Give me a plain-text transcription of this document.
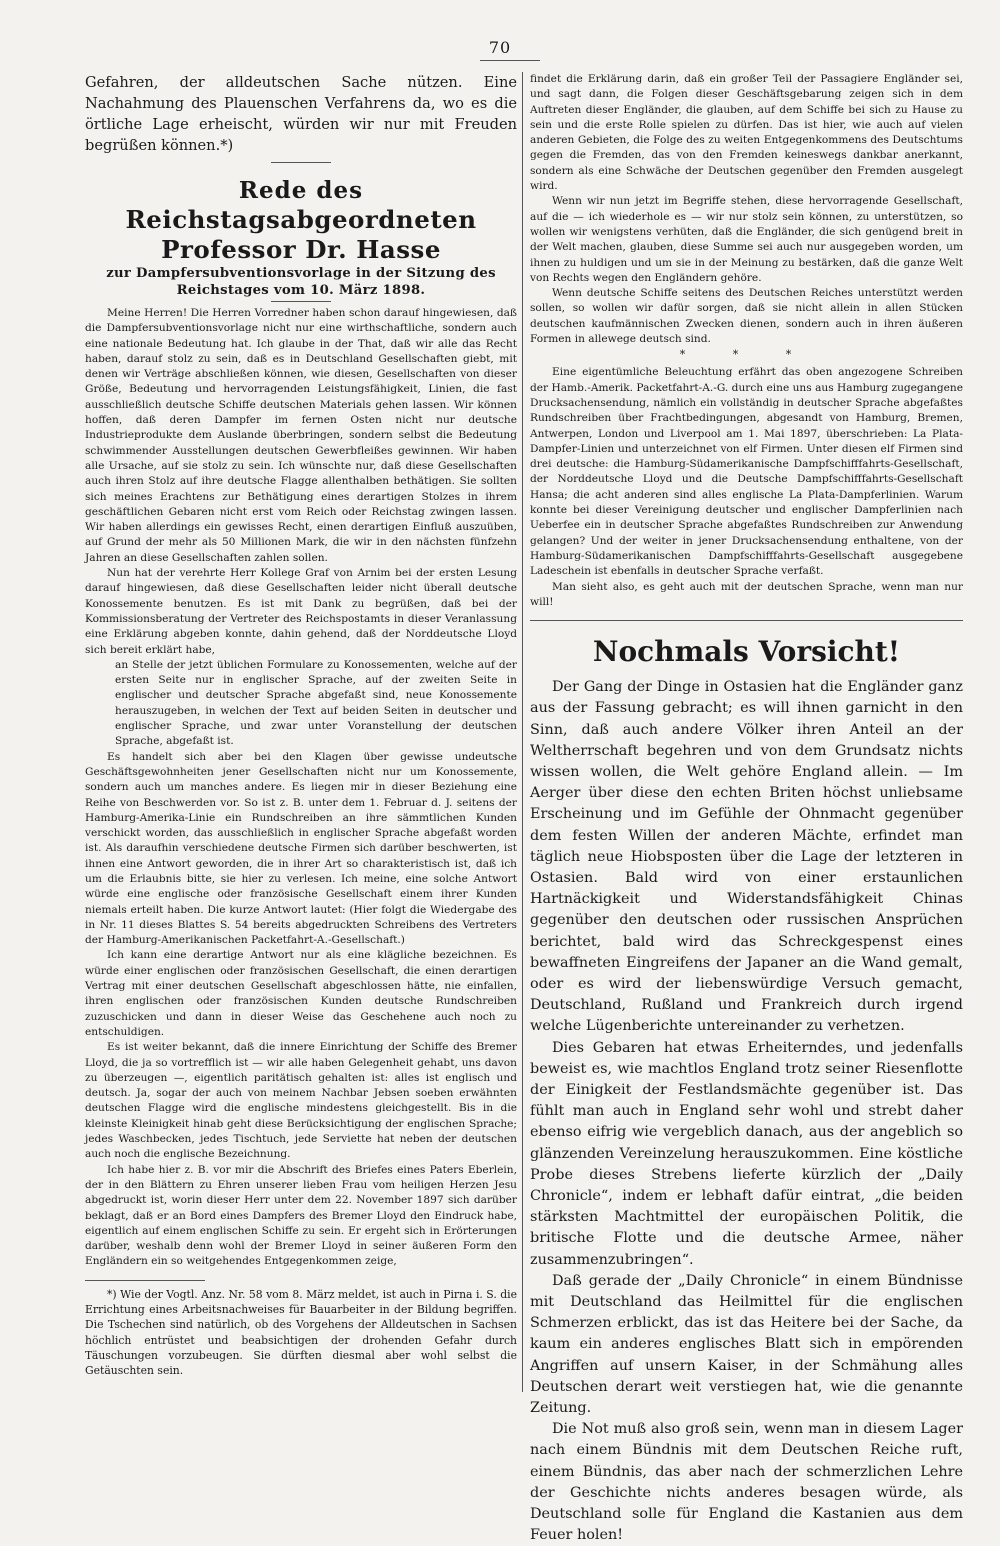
70

Gefahren, der alldeutschen Sache nützen. Eine Nachahmung des Plauenschen Verfahrens da, wo es die örtliche Lage erheischt, würden wir nur mit Freuden begrüßen können.*)

Rede des
Reichstagsabgeordneten Professor Dr. Hasse
zur Dampfersubventionsvorlage in der Sitzung des Reichstages vom 10. März 1898.

Meine Herren! Die Herren Vorredner haben schon darauf hingewiesen, daß die Dampfersubventionsvorlage nicht nur eine wirthschaftliche, sondern auch eine nationale Bedeutung hat. Ich glaube in der That, daß wir alle das Recht haben, darauf stolz zu sein, daß es in Deutschland Gesellschaften giebt, mit denen wir Verträge abschließen können, wie diesen, Gesellschaften von dieser Größe, Bedeutung und hervorragenden Leistungsfähigkeit, Linien, die fast ausschließlich deutsche Schiffe deutschen Materials gehen lassen. Wir können hoffen, daß deren Dampfer im fernen Osten nicht nur deutsche Industrieprodukte dem Auslande überbringen, sondern selbst die Bedeutung schwimmender Ausstellungen deutschen Gewerbfleißes gewinnen. Wir haben alle Ursache, auf sie stolz zu sein. Ich wünschte nur, daß diese Gesellschaften auch ihren Stolz auf ihre deutsche Flagge allenthalben bethätigen. Sie sollten sich meines Erachtens zur Bethätigung eines derartigen Stolzes in ihrem geschäftlichen Gebaren nicht erst vom Reich oder Reichstag zwingen lassen. Wir haben allerdings ein gewisses Recht, einen derartigen Einfluß auszuüben, auf Grund der mehr als 50 Millionen Mark, die wir in den nächsten fünfzehn Jahren an diese Gesellschaften zahlen sollen.

Nun hat der verehrte Herr Kollege Graf von Arnim bei der ersten Lesung darauf hingewiesen, daß diese Gesellschaften leider nicht überall deutsche Konossemente benutzen. Es ist mit Dank zu begrüßen, daß bei der Kommissionsberatung der Vertreter des Reichspostamts in dieser Veranlassung eine Erklärung abgeben konnte, dahin gehend, daß der Norddeutsche Lloyd sich bereit erklärt habe,

an Stelle der jetzt üblichen Formulare zu Konossementen, welche auf der ersten Seite nur in englischer Sprache, auf der zweiten Seite in englischer und deutscher Sprache abgefaßt sind, neue Konossemente herauszugeben, in welchen der Text auf beiden Seiten in deutscher und englischer Sprache, und zwar unter Voranstellung der deutschen Sprache, abgefaßt ist.

Es handelt sich aber bei den Klagen über gewisse undeutsche Geschäftsgewohnheiten jener Gesellschaften nicht nur um Konossemente, sondern auch um manches andere. Es liegen mir in dieser Beziehung eine Reihe von Beschwerden vor. So ist z. B. unter dem 1. Februar d. J. seitens der Hamburg-Amerika-Linie ein Rundschreiben an ihre sämmtlichen Kunden verschickt worden, das ausschließlich in englischer Sprache abgefaßt worden ist. Als daraufhin verschiedene deutsche Firmen sich darüber beschwerten, ist ihnen eine Antwort geworden, die in ihrer Art so charakteristisch ist, daß ich um die Erlaubnis bitte, sie hier zu verlesen. Ich meine, eine solche Antwort würde eine englische oder französische Gesellschaft einem ihrer Kunden niemals erteilt haben. Die kurze Antwort lautet: (Hier folgt die Wiedergabe des in Nr. 11 dieses Blattes S. 54 bereits abgedruckten Schreibens des Vertreters der Hamburg-Amerikanischen Packetfahrt-A.-Gesellschaft.)

Ich kann eine derartige Antwort nur als eine klägliche bezeichnen. Es würde einer englischen oder französischen Gesellschaft, die einen derartigen Vertrag mit einer deutschen Gesellschaft abgeschlossen hätte, nie einfallen, ihren englischen oder französischen Kunden deutsche Rundschreiben zuzuschicken und dann in dieser Weise das Geschehene auch noch zu entschuldigen.

Es ist weiter bekannt, daß die innere Einrichtung der Schiffe des Bremer Lloyd, die ja so vortrefflich ist — wir alle haben Gelegenheit gehabt, uns davon zu überzeugen —, eigentlich paritätisch gehalten ist: alles ist englisch und deutsch. Ja, sogar der auch von meinem Nachbar Jebsen soeben erwähnten deutschen Flagge wird die englische mindestens gleichgestellt. Bis in die kleinste Kleinigkeit hinab geht diese Berücksichtigung der englischen Sprache; jedes Waschbecken, jedes Tischtuch, jede Serviette hat neben der deutschen auch noch die englische Bezeichnung.

Ich habe hier z. B. vor mir die Abschrift des Briefes eines Paters Eberlein, der in den Blättern zu Ehren unserer lieben Frau vom heiligen Herzen Jesu abgedruckt ist, worin dieser Herr unter dem 22. November 1897 sich darüber beklagt, daß er an Bord eines Dampfers des Bremer Lloyd den Eindruck habe, eigentlich auf einem englischen Schiffe zu sein. Er ergeht sich in Erörterungen darüber, weshalb denn wohl der Bremer Lloyd in seiner äußeren Form den Engländern ein so weitgehendes Entgegenkommen zeige,

*) Wie der Vogtl. Anz. Nr. 58 vom 8. März meldet, ist auch in Pirna i. S. die Errichtung eines Arbeitsnachweises für Bauarbeiter in der Bildung begriffen. Die Tschechen sind natürlich, ob des Vorgehens der Alldeutschen in Sachsen höchlich entrüstet und beabsichtigen der drohenden Gefahr durch Täuschungen vorzubeugen. Sie dürften diesmal aber wohl selbst die Getäuschten sein.

findet die Erklärung darin, daß ein großer Teil der Passagiere Engländer sei, und sagt dann, die Folgen dieser Geschäftsgebarung zeigen sich in dem Auftreten dieser Engländer, die glauben, auf dem Schiffe bei sich zu Hause zu sein und die erste Rolle spielen zu dürfen. Das ist hier, wie auch auf vielen anderen Gebieten, die Folge des zu weiten Entgegenkommens des Deutschtums gegen die Fremden, das von den Fremden keineswegs dankbar anerkannt, sondern als eine Schwäche der Deutschen gegenüber den Fremden ausgelegt wird.

Wenn wir nun jetzt im Begriffe stehen, diese hervorragende Gesellschaft, auf die — ich wiederhole es — wir nur stolz sein können, zu unterstützen, so wollen wir wenigstens verhüten, daß die Engländer, die sich genügend breit in der Welt machen, glauben, diese Summe sei auch nur ausgegeben worden, um ihnen zu huldigen und um sie in der Meinung zu bestärken, daß die ganze Welt von Rechts wegen den Engländern gehöre.

Wenn deutsche Schiffe seitens des Deutschen Reiches unterstützt werden sollen, so wollen wir dafür sorgen, daß sie nicht allein in allen Stücken deutschen kaufmännischen Zwecken dienen, sondern auch in ihren äußeren Formen in allewege deutsch sind.

* * *

Eine eigentümliche Beleuchtung erfährt das oben angezogene Schreiben der Hamb.-Amerik. Packetfahrt-A.-G. durch eine uns aus Hamburg zugegangene Drucksachensendung, nämlich ein vollständig in deutscher Sprache abgefaßtes Rundschreiben über Frachtbedingungen, abgesandt von Hamburg, Bremen, Antwerpen, London und Liverpool am 1. Mai 1897, überschrieben: La Plata-Dampfer-Linien und unterzeichnet von elf Firmen. Unter diesen elf Firmen sind drei deutsche: die Hamburg-Südamerikanische Dampfschifffahrts-Gesellschaft, der Norddeutsche Lloyd und die Deutsche Dampfschifffahrts-Gesellschaft Hansa; die acht anderen sind alles englische La Plata-Dampferlinien. Warum konnte bei dieser Vereinigung deutscher und englischer Dampferlinien nach Ueberfee ein in deutscher Sprache abgefaßtes Rundschreiben zur Anwendung gelangen? Und der weiter in jener Drucksachensendung enthaltene, von der Hamburg-Südamerikanischen Dampfschifffahrts-Gesellschaft ausgegebene Ladeschein ist ebenfalls in deutscher Sprache verfaßt.

Man sieht also, es geht auch mit der deutschen Sprache, wenn man nur will!

Nochmals Vorsicht!

Der Gang der Dinge in Ostasien hat die Engländer ganz aus der Fassung gebracht; es will ihnen garnicht in den Sinn, daß auch andere Völker ihren Anteil an der Weltherrschaft begehren und von dem Grundsatz nichts wissen wollen, die Welt gehöre England allein. — Im Aerger über diese den echten Briten höchst unliebsame Erscheinung und im Gefühle der Ohnmacht gegenüber dem festen Willen der anderen Mächte, erfindet man täglich neue Hiobsposten über die Lage der letzteren in Ostasien. Bald wird von einer erstaunlichen Hartnäckigkeit und Widerstandsfähigkeit Chinas gegenüber den deutschen oder russischen Ansprüchen berichtet, bald wird das Schreckgespenst eines bewaffneten Eingreifens der Japaner an die Wand gemalt, oder es wird der liebenswürdige Versuch gemacht, Deutschland, Rußland und Frankreich durch irgend welche Lügenberichte untereinander zu verhetzen.

Dies Gebaren hat etwas Erheiterndes, und jedenfalls beweist es, wie machtlos England trotz seiner Riesenflotte der Einigkeit der Festlandsmächte gegenüber ist. Das fühlt man auch in England sehr wohl und strebt daher ebenso eifrig wie vergeblich danach, aus der angeblich so glänzenden Vereinzelung herauszukommen. Eine köstliche Probe dieses Strebens lieferte kürzlich der „Daily Chronicle“, indem er lebhaft dafür eintrat, „die beiden stärksten Machtmittel der europäischen Politik, die britische Flotte und die deutsche Armee, näher zusammenzubringen“.

Daß gerade der „Daily Chronicle“ in einem Bündnisse mit Deutschland das Heilmittel für die englischen Schmerzen erblickt, das ist das Heitere bei der Sache, da kaum ein anderes englisches Blatt sich in empörenden Angriffen auf unsern Kaiser, in der Schmähung alles Deutschen derart weit verstiegen hat, wie die genannte Zeitung.

Die Not muß also groß sein, wenn man in diesem Lager nach einem Bündnis mit dem Deutschen Reiche ruft, einem Bündnis, das aber nach der schmerzlichen Lehre der Geschichte nichts anderes besagen würde, als Deutschland solle für England die Kastanien aus dem Feuer holen!
